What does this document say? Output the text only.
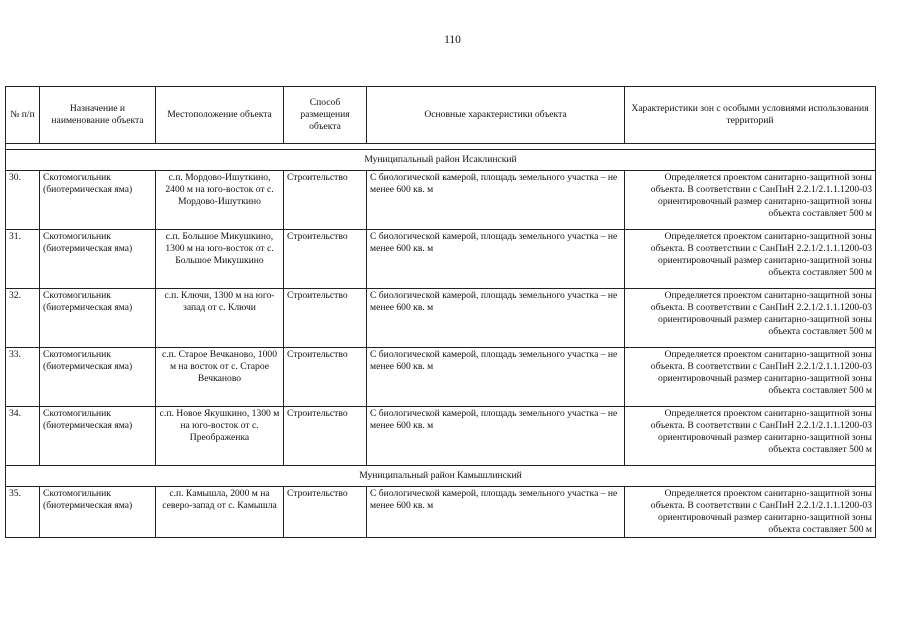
110
№ п/п	Назначение и наименование объекта	Местоположение объекта	Способ размещения объекта	Основные характеристики объекта	Характеристики зон с особыми условиями использования территорий

Муниципальный район Исаклинский					
30.	Скотомогильник (биотермическая яма)	с.п. Мордово-Ишуткино, 2400 м на юго-восток от с. Мордово-Ишуткино	Строительство	С биологической камерой, площадь земельного участка – не менее 600 кв. м	Определяется проектом санитарно-защитной зоны объекта. В соответствии с СанПиН 2.2.1/2.1.1.1200-03 ориентировочный размер санитарно-защитной зоны объекта составляет 500 м
31.	Скотомогильник (биотермическая яма)	с.п. Большое Микушкино, 1300 м на юго-восток от с. Большое Микушкино	Строительство	С биологической камерой, площадь земельного участка – не менее 600 кв. м	Определяется проектом санитарно-защитной зоны объекта. В соответствии с СанПиН 2.2.1/2.1.1.1200-03 ориентировочный размер санитарно-защитной зоны объекта составляет 500 м
32.	Скотомогильник (биотермическая яма)	с.п. Ключи, 1300 м на юго-запад от с. Ключи	Строительство	С биологической камерой, площадь земельного участка – не менее 600 кв. м	Определяется проектом санитарно-защитной зоны объекта. В соответствии с СанПиН 2.2.1/2.1.1.1200-03 ориентировочный размер санитарно-защитной зоны объекта составляет 500 м
33.	Скотомогильник (биотермическая яма)	с.п. Старое Вечканово, 1000 м на восток от с. Старое Вечканово	Строительство	С биологической камерой, площадь земельного участка – не менее 600 кв. м	Определяется проектом санитарно-защитной зоны объекта. В соответствии с СанПиН 2.2.1/2.1.1.1200-03 ориентировочный размер санитарно-защитной зоны объекта составляет 500 м
34.	Скотомогильник (биотермическая яма)	с.п. Новое Якушкино, 1300 м на юго-восток от с. Преображенка	Строительство	С биологической камерой, площадь земельного участка – не менее 600 кв. м	Определяется проектом санитарно-защитной зоны объекта. В соответствии с СанПиН 2.2.1/2.1.1.1200-03 ориентировочный размер санитарно-защитной зоны объекта составляет 500 м
Муниципальный район Камышлинский					
35.	Скотомогильник (биотермическая яма)	с.п. Камышла, 2000 м на северо-запад от с. Камышла	Строительство	С биологической камерой, площадь земельного участка – не менее 600 кв. м	Определяется проектом санитарно-защитной зоны объекта. В соответствии с СанПиН 2.2.1/2.1.1.1200-03 ориентировочный размер санитарно-защитной зоны объекта составляет 500 м
